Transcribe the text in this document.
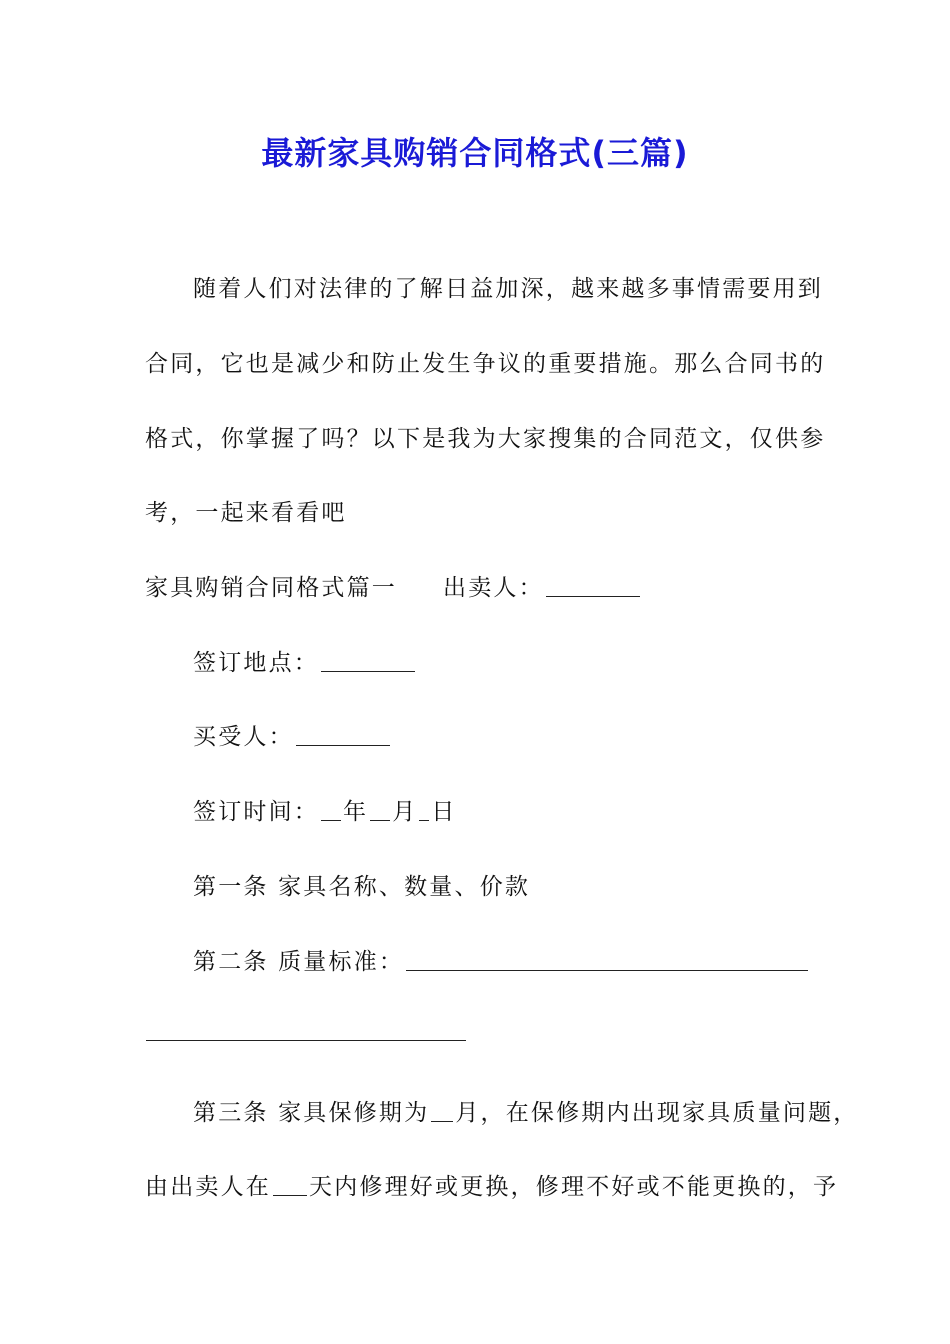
最新家具购销合同格式(三篇)

随着人们对法律的了解日益加深，越来越多事情需要用到

合同，它也是减少和防止发生争议的重要措施。那么合同书的

格式，你掌握了吗？以下是我为大家搜集的合同范文，仅供参

考，一起来看看吧

家具购销合同格式篇一 出卖人：

签订地点：

买受人：

签订时间： 年 月 日

第一条 家具名称、数量、价款

第二条 质量标准：

第三条 家具保修期为 月，在保修期内出现家具质量问题，

由出卖人在 天内修理好或更换，修理不好或不能更换的，予
